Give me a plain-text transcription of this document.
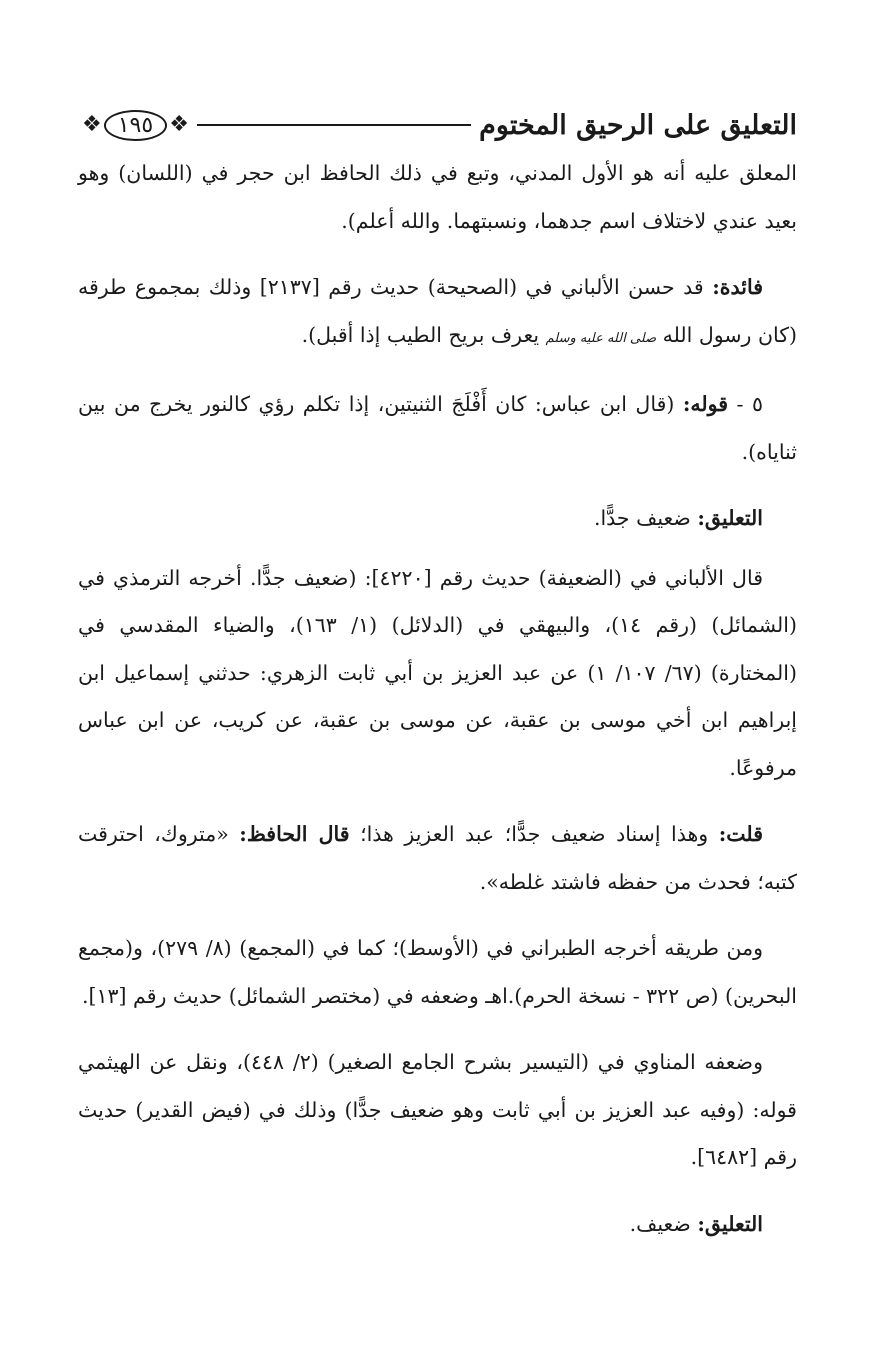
التعليق على الرحيق المختوم
❖ ١٩٥ ❖

المعلق عليه أنه هو الأول المدني، وتبع في ذلك الحافظ ابن حجر في (اللسان) وهو بعيد عندي لاختلاف اسم جدهما، ونسبتهما. والله أعلم).

فائدة: قد حسن الألباني في (الصحيحة) حديث رقم [٢١٣٧] وذلك بمجموع طرقه (كان رسول الله صلى الله عليه وسلم يعرف بريح الطيب إذا أقبل).

٥ - قوله: (قال ابن عباس: كان أَفْلَجَ الثنيتين، إذا تكلم رؤي كالنور يخرج من بين ثناياه).

التعليق: ضعيف جدًّا.

قال الألباني في (الضعيفة) حديث رقم [٤٢٢٠]: (ضعيف جدًّا. أخرجه الترمذي في (الشمائل) (رقم ١٤)، والبيهقي في (الدلائل) (١/ ١٦٣)، والضياء المقدسي في (المختارة) (٦٧/ ١٠٧/ ١) عن عبد العزيز بن أبي ثابت الزهري: حدثني إسماعيل ابن إبراهيم ابن أخي موسى بن عقبة، عن موسى بن عقبة، عن كريب، عن ابن عباس مرفوعًا.

قلت: وهذا إسناد ضعيف جدًّا؛ عبد العزيز هذا؛ قال الحافظ: «متروك، احترقت كتبه؛ فحدث من حفظه فاشتد غلطه».

ومن طريقه أخرجه الطبراني في (الأوسط)؛ كما في (المجمع) (٨/ ٢٧٩)، و(مجمع البحرين) (ص ٣٢٢ - نسخة الحرم).اهـ وضعفه في (مختصر الشمائل) حديث رقم [١٣].

وضعفه المناوي في (التيسير بشرح الجامع الصغير) (٢/ ٤٤٨)، ونقل عن الهيثمي قوله: (وفيه عبد العزيز بن أبي ثابت وهو ضعيف جدًّا) وذلك في (فيض القدير) حديث رقم [٦٤٨٢].

التعليق: ضعيف.
